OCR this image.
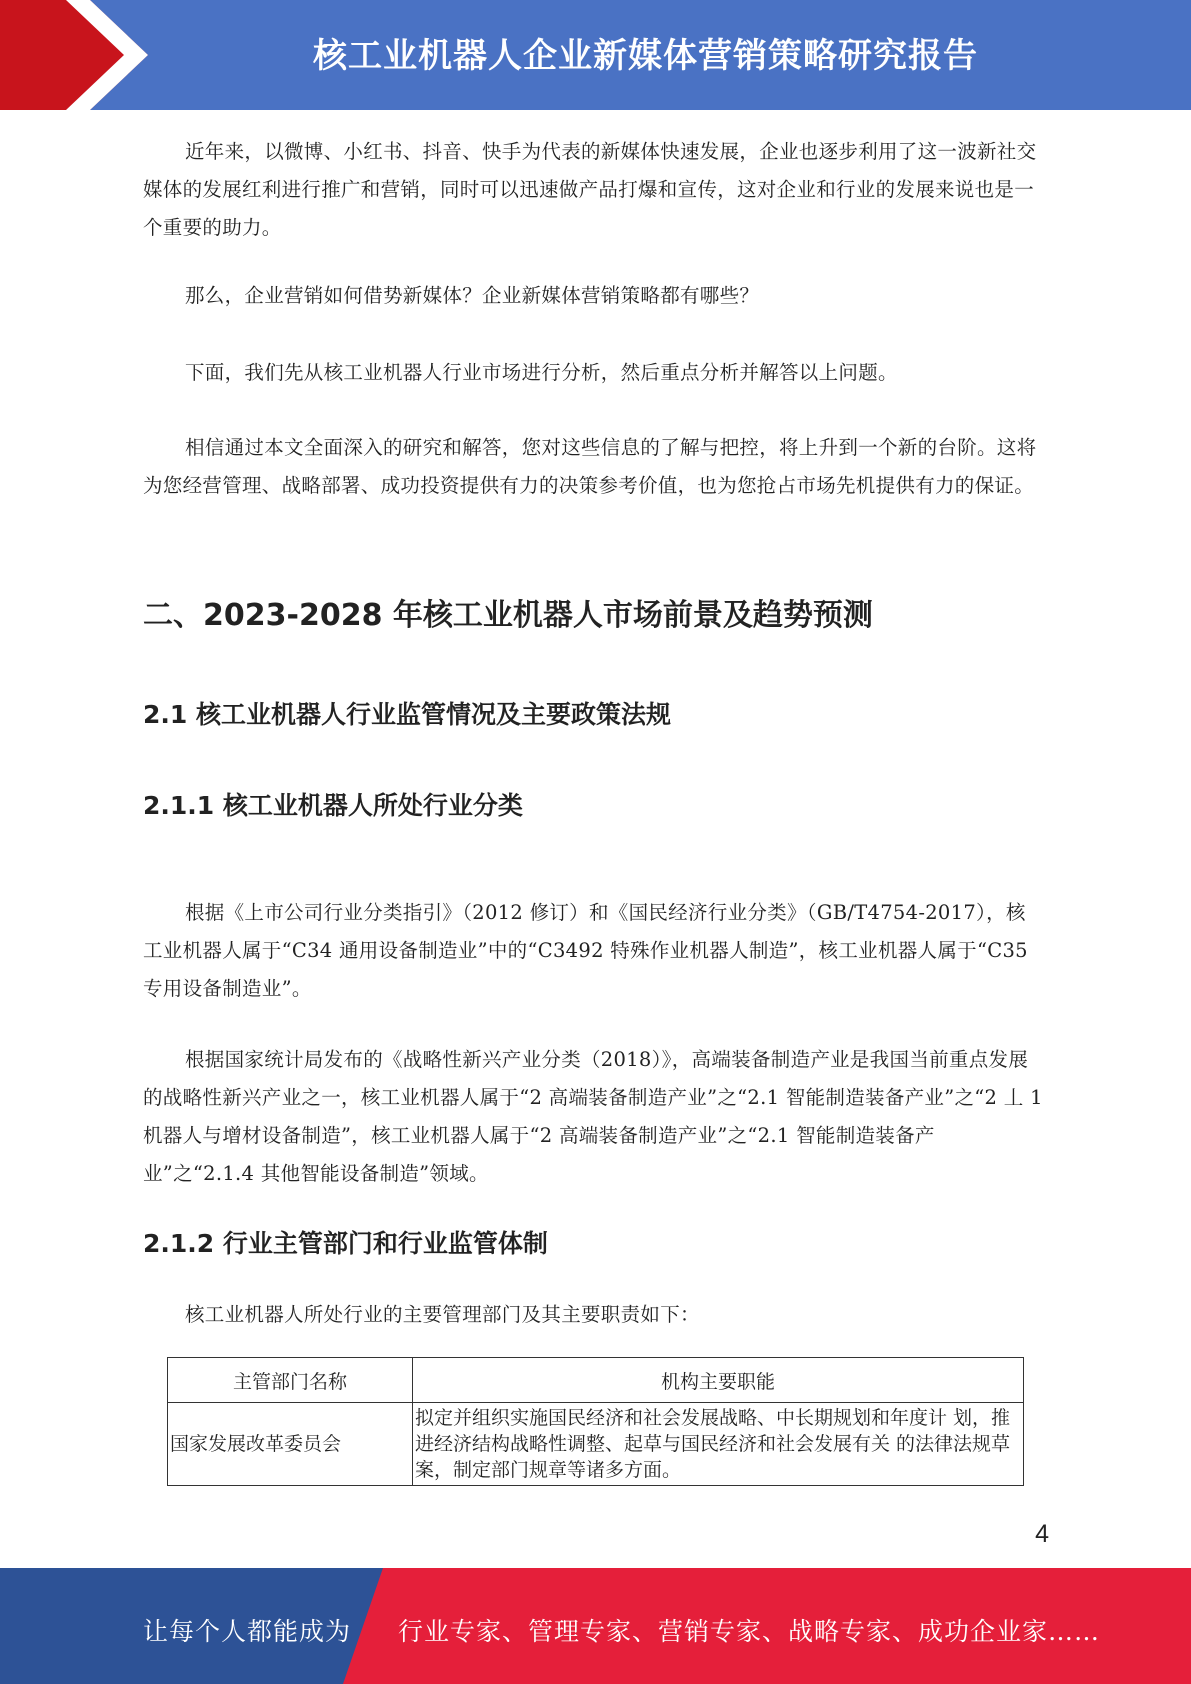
核工业机器人企业新媒体营销策略研究报告

近年来，以微博、小红书、抖音、快手为代表的新媒体快速发展，企业也逐步利用了这一波新社交媒体的发展红利进行推广和营销，同时可以迅速做产品打爆和宣传，这对企业和行业的发展来说也是一个重要的助力。

那么，企业营销如何借势新媒体？企业新媒体营销策略都有哪些？

下面，我们先从核工业机器人行业市场进行分析，然后重点分析并解答以上问题。

相信通过本文全面深入的研究和解答，您对这些信息的了解与把控，将上升到一个新的台阶。这将为您经营管理、战略部署、成功投资提供有力的决策参考价值，也为您抢占市场先机提供有力的保证。

二、2023-2028 年核工业机器人市场前景及趋势预测
2.1 核工业机器人行业监管情况及主要政策法规
2.1.1 核工业机器人所处行业分类

根据《上市公司行业分类指引》（2012 修订）和《国民经济行业分类》（GB/T4754-2017），核工业机器人属于“C34 通用设备制造业”中的“C3492 特殊作业机器人制造”，核工业机器人属于“C35 专用设备制造业”。

根据国家统计局发布的《战略性新兴产业分类（2018）》，高端装备制造产业是我国当前重点发展的战略性新兴产业之一，核工业机器人属于“2 高端装备制造产业”之“2.1 智能制造装备产业”之“2 丄 1 机器人与增材设备制造”，核工业机器人属于“2 高端装备制造产业”之“2.1 智能制造装备产业”之“2.1.4 其他智能设备制造”领域。

2.1.2 行业主管部门和行业监管体制

核工业机器人所处行业的主要管理部门及其主要职责如下：

主管部门名称	机构主要职能
国家发展改革委员会	拟定并组织实施国民经济和社会发展战略、中长期规划和年度计 划，推进经济结构战略性调整、起草与国民经济和社会发展有关 的法律法规草案，制定部门规章等诸多方面。
4
让每个人都能成为 行业专家、管理专家、营销专家、战略专家、成功企业家……
